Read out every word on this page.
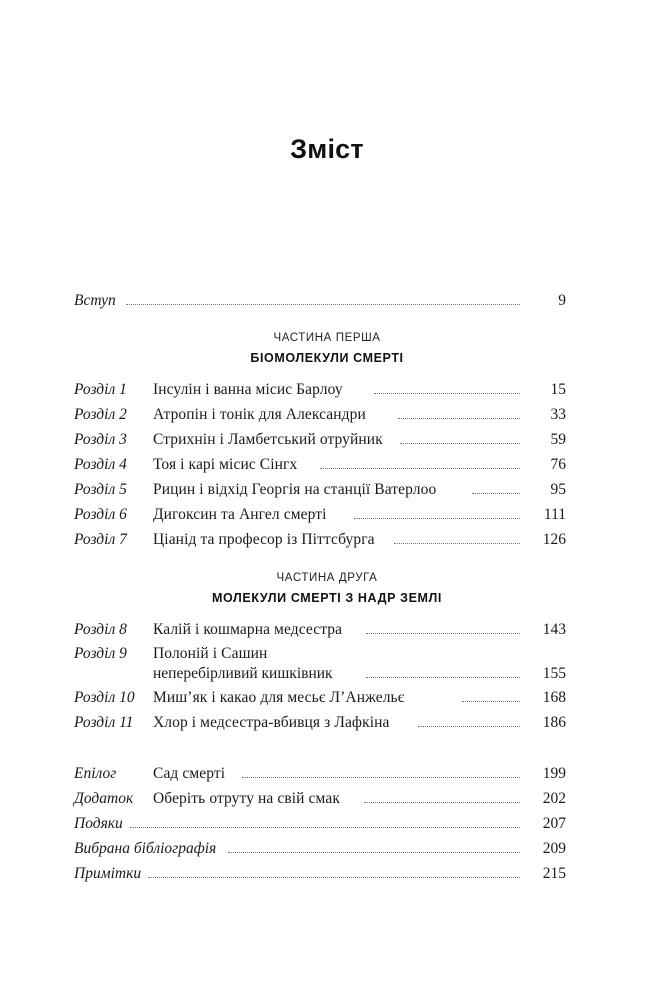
Зміст
Вступ	9
ЧАСТИНА ПЕРША
БІОМОЛЕКУЛИ СМЕРТІ
Розділ 1 Інсулін і ванна місис Барлоу	15
Розділ 2 Атропін і тонік для Александри	33
Розділ 3 Стрихнін і Ламбетський отруйник	59
Розділ 4 Тоя і карі місис Сінгх	76
Розділ 5 Рицин і відхід Георгія на станції Ватерлоо	95
Розділ 6 Дигоксин та Ангел смерті	111
Розділ 7 Ціанід та професор із Піттсбурга	126
ЧАСТИНА ДРУГА
МОЛЕКУЛИ СМЕРТІ З НАДР ЗЕМЛІ
Розділ 8 Калій і кошмарна медсестра	143
Розділ 9 Полоній і Сашин
неперебірливий кишківник	155
Розділ 10 Миш’як і какао для месьє Л’Анжельє	168
Розділ 11 Хлор і медсестра-вбивця з Лафкіна	186
Епілог Сад смерті	199
Додаток Оберіть отруту на свій смак	202
Подяки	207
Вибрана бібліографія	209
Примітки	215
